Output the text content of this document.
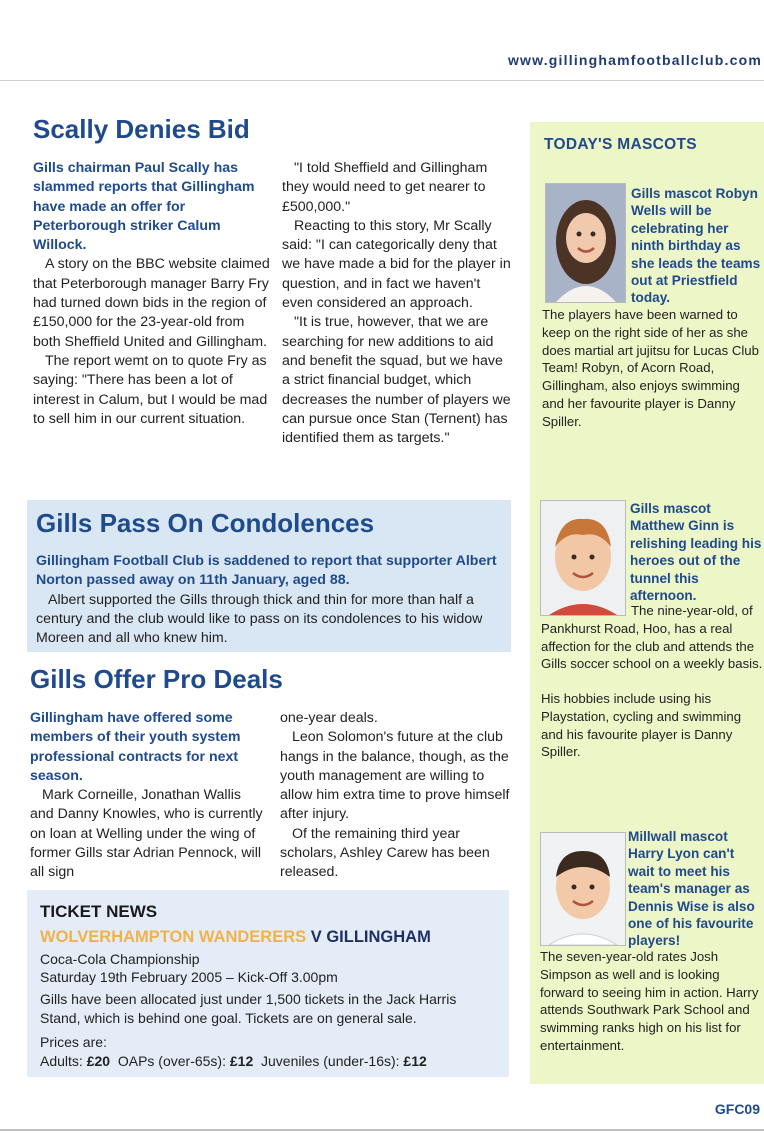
www.gillinghamfootballclub.com
Scally Denies Bid
Gills chairman Paul Scally has slammed reports that Gillingham have made an offer for Peterborough striker Calum Willock.

A story on the BBC website claimed that Peterborough manager Barry Fry had turned down bids in the region of £150,000 for the 23-year-old from both Sheffield United and Gillingham.

The report wemt on to quote Fry as saying: "There has been a lot of interest in Calum, but I would be mad to sell him in our current situation.

"I told Sheffield and Gillingham they would need to get nearer to £500,000."

Reacting to this story, Mr Scally said: "I can categorically deny that we have made a bid for the player in question, and in fact we haven't even considered an approach.

"It is true, however, that we are searching for new additions to aid and benefit the squad, but we have a strict financial budget, which decreases the number of players we can pursue once Stan (Ternent) has identified them as targets."

Gills Pass On Condolences
Gillingham Football Club is saddened to report that supporter Albert Norton passed away on 11th January, aged 88.

Albert supported the Gills through thick and thin for more than half a century and the club would like to pass on its condolences to his widow Moreen and all who knew him.

Gills Offer Pro Deals
Gillingham have offered some members of their youth system professional contracts for next season.

Mark Corneille, Jonathan Wallis and Danny Knowles, who is currently on loan at Welling under the wing of former Gills star Adrian Pennock, will all sign

one-year deals.

Leon Solomon's future at the club hangs in the balance, though, as the youth management are willing to allow him extra time to prove himself after injury.

Of the remaining third year scholars, Ashley Carew has been released.

TICKET NEWS
WOLVERHAMPTON WANDERERS V GILLINGHAM
Coca-Cola Championship
Saturday 19th February 2005 – Kick-Off 3.00pm
Gills have been allocated just under 1,500 tickets in the Jack Harris Stand, which is behind one goal. Tickets are on general sale.
Prices are:
Adults: £20 OAPs (over-65s): £12 Juveniles (under-16s): £12
TODAY'S MASCOTS
Gills mascot Robyn Wells will be celebrating her ninth birthday as she leads the teams out at Priestfield today.
The players have been warned to keep on the right side of her as she does martial art jujitsu for Lucas Club Team! Robyn, of Acorn Road, Gillingham, also enjoys swimming and her favourite player is Danny Spiller.
Gills mascot Matthew Ginn is relishing leading his heroes out of the tunnel this afternoon.
The nine-year-old, of Pankhurst Road, Hoo, has a real affection for the club and attends the Gills soccer school on a weekly basis.
His hobbies include using his Playstation, cycling and swimming and his favourite player is Danny Spiller.
Millwall mascot Harry Lyon can't wait to meet his team's manager as Dennis Wise is also one of his favourite players!
The seven-year-old rates Josh Simpson as well and is looking forward to seeing him in action. Harry attends Southwark Park School and swimming ranks high on his list for entertainment.
GFC09
